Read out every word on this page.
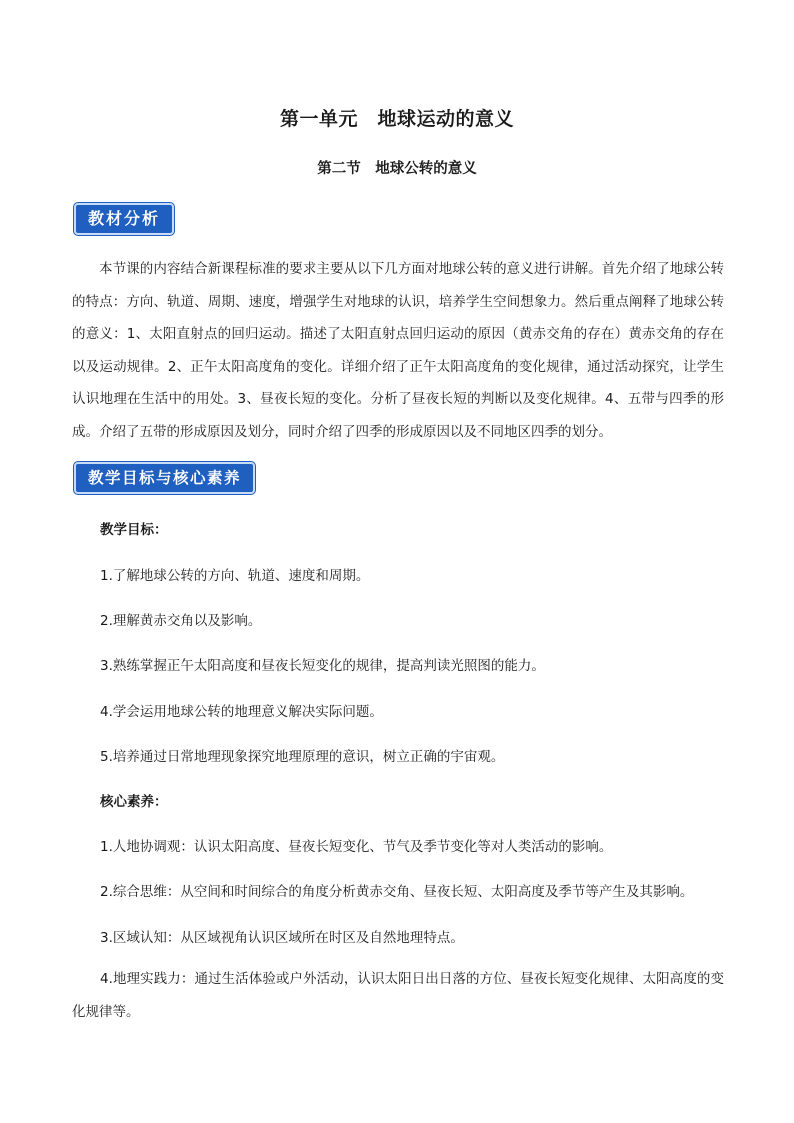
第一单元　地球运动的意义
第二节　地球公转的意义
教材分析
本节课的内容结合新课程标准的要求主要从以下几方面对地球公转的意义进行讲解。首先介绍了地球公转的特点：方向、轨道、周期、速度，增强学生对地球的认识，培养学生空间想象力。然后重点阐释了地球公转的意义：1、太阳直射点的回归运动。描述了太阳直射点回归运动的原因（黄赤交角的存在）黄赤交角的存在以及运动规律。2、正午太阳高度角的变化。详细介绍了正午太阳高度角的变化规律，通过活动探究，让学生认识地理在生活中的用处。3、昼夜长短的变化。分析了昼夜长短的判断以及变化规律。4、五带与四季的形成。介绍了五带的形成原因及划分，同时介绍了四季的形成原因以及不同地区四季的划分。
教学目标与核心素养
教学目标：
1.了解地球公转的方向、轨道、速度和周期。
2.理解黄赤交角以及影响。
3.熟练掌握正午太阳高度和昼夜长短变化的规律，提高判读光照图的能力。
4.学会运用地球公转的地理意义解决实际问题。
5.培养通过日常地理现象探究地理原理的意识，树立正确的宇宙观。
核心素养：
1.人地协调观：认识太阳高度、昼夜长短变化、节气及季节变化等对人类活动的影响。
2.综合思维：从空间和时间综合的角度分析黄赤交角、昼夜长短、太阳高度及季节等产生及其影响。
3.区域认知：从区域视角认识区域所在时区及自然地理特点。
4.地理实践力：通过生活体验或户外活动，认识太阳日出日落的方位、昼夜长短变化规律、太阳高度的变化规律等。
